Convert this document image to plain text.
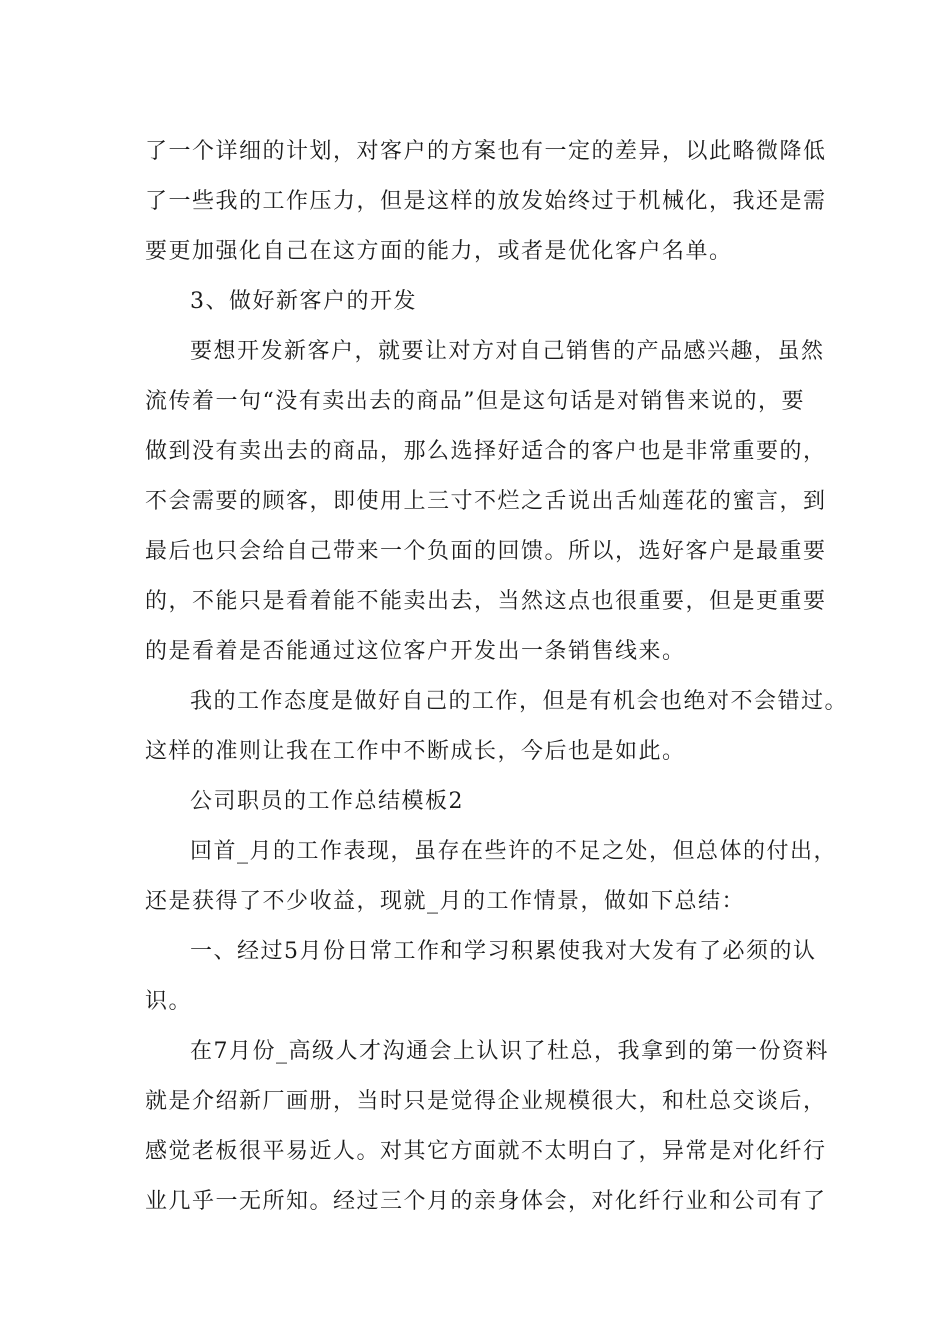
了一个详细的计划，对客户的方案也有一定的差异，以此略微降低
了一些我的工作压力，但是这样的放发始终过于机械化，我还是需
要更加强化自己在这方面的能力，或者是优化客户名单。
3、做好新客户的开发
要想开发新客户，就要让对方对自己销售的产品感兴趣，虽然
流传着一句“没有卖出去的商品”但是这句话是对销售来说的，要
做到没有卖出去的商品，那么选择好适合的客户也是非常重要的，
不会需要的顾客，即使用上三寸不烂之舌说出舌灿莲花的蜜言，到
最后也只会给自己带来一个负面的回馈。所以，选好客户是最重要
的，不能只是看着能不能卖出去，当然这点也很重要，但是更重要
的是看着是否能通过这位客户开发出一条销售线来。
我的工作态度是做好自己的工作，但是有机会也绝对不会错过。
这样的准则让我在工作中不断成长，今后也是如此。
公司职员的工作总结模板2
回首_月的工作表现，虽存在些许的不足之处，但总体的付出，
还是获得了不少收益，现就_月的工作情景，做如下总结：
一、经过5月份日常工作和学习积累使我对大发有了必须的认
识。
在7月份_高级人才沟通会上认识了杜总，我拿到的第一份资料
就是介绍新厂画册，当时只是觉得企业规模很大，和杜总交谈后，
感觉老板很平易近人。对其它方面就不太明白了，异常是对化纤行
业几乎一无所知。经过三个月的亲身体会，对化纤行业和公司有了
